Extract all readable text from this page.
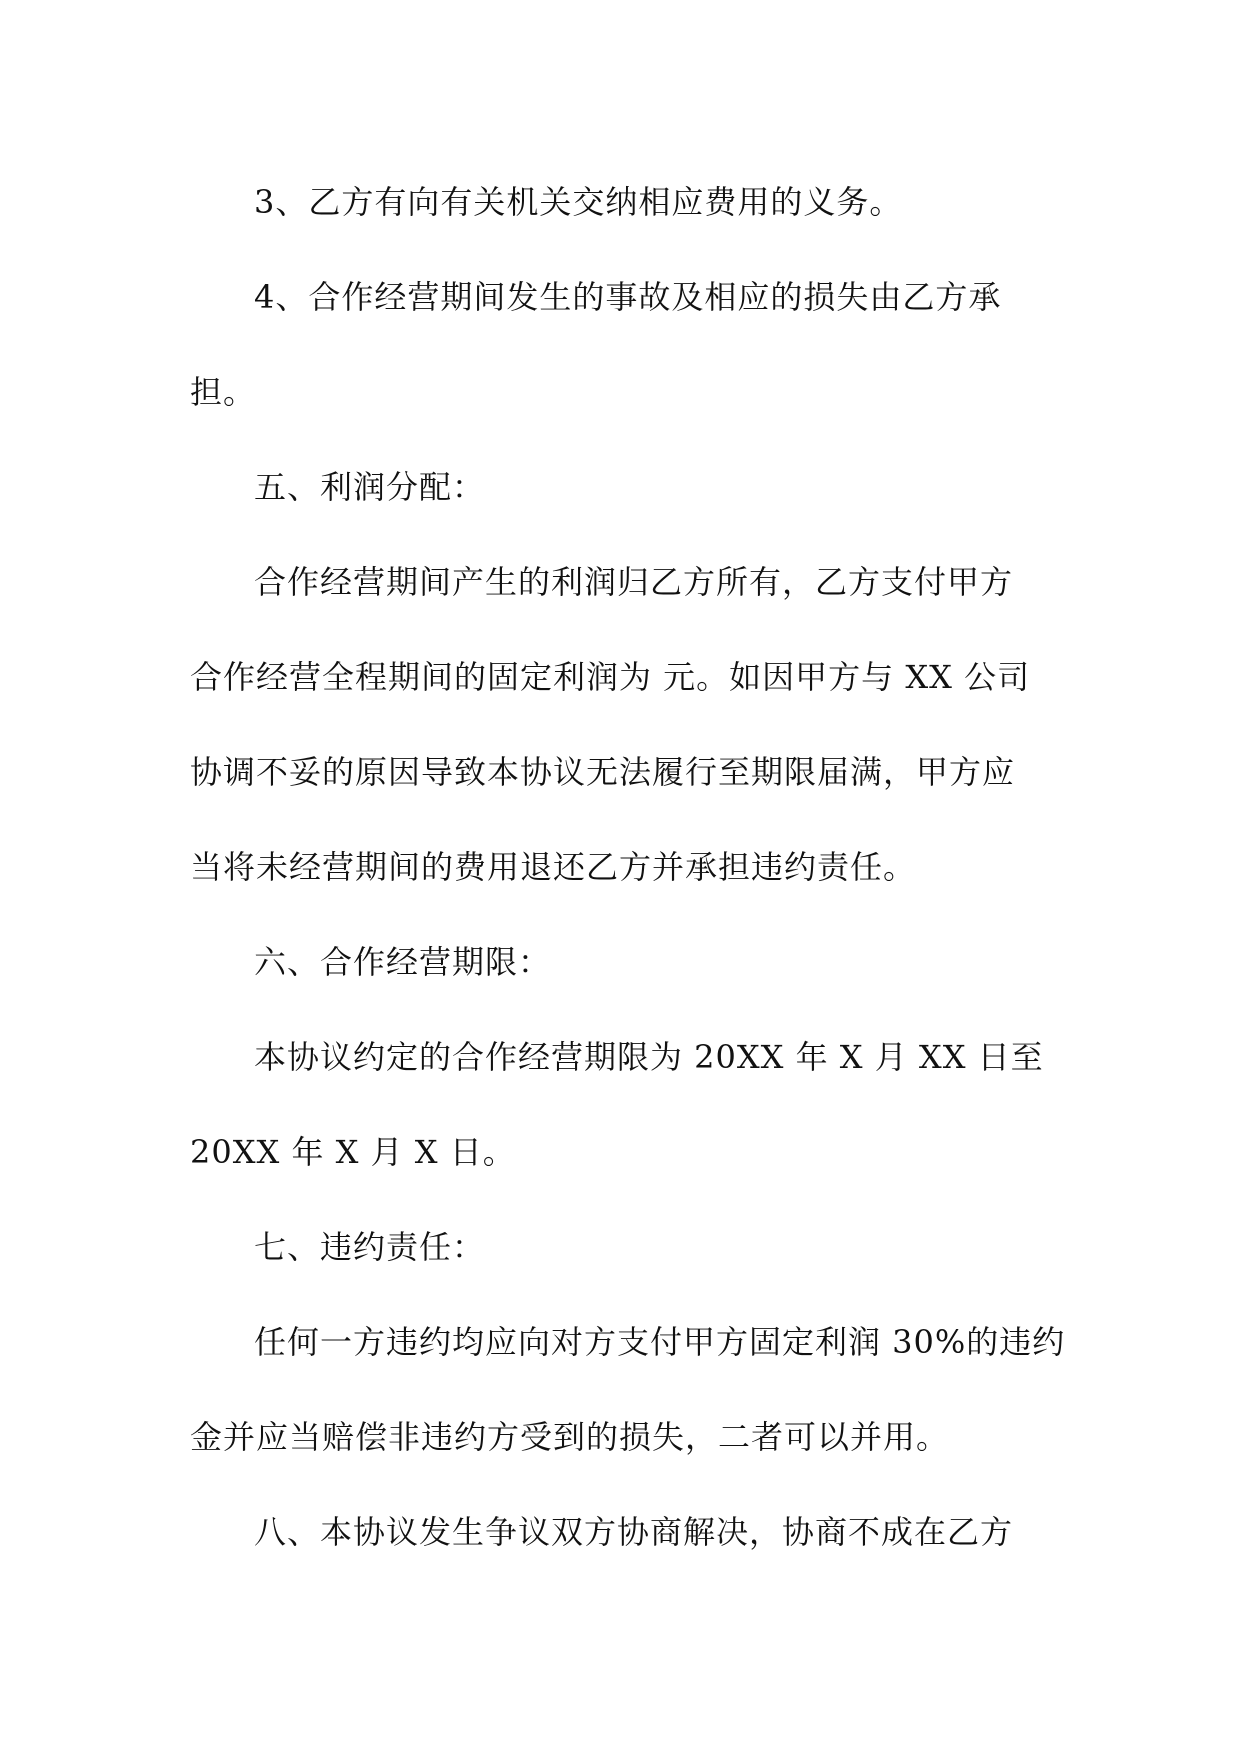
3、乙方有向有关机关交纳相应费用的义务。
4、合作经营期间发生的事故及相应的损失由乙方承
担。
五、利润分配：
合作经营期间产生的利润归乙方所有，乙方支付甲方
合作经营全程期间的固定利润为 元。如因甲方与 XX 公司
协调不妥的原因导致本协议无法履行至期限届满，甲方应
当将未经营期间的费用退还乙方并承担违约责任。
六、合作经营期限：
本协议约定的合作经营期限为 20XX 年 X 月 XX 日至
20XX 年 X 月 X 日。
七、违约责任：
任何一方违约均应向对方支付甲方固定利润 30%的违约
金并应当赔偿非违约方受到的损失，二者可以并用。
八、本协议发生争议双方协商解决，协商不成在乙方
